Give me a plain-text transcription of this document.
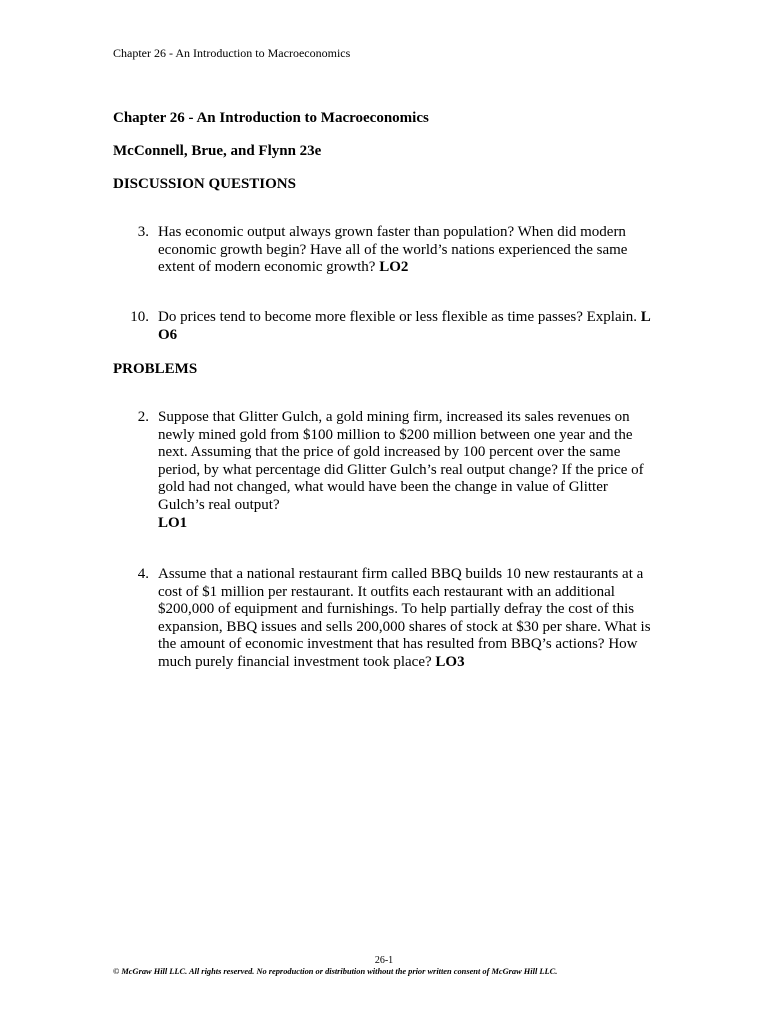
Chapter 26 - An Introduction to Macroeconomics
Chapter 26 - An Introduction to Macroeconomics
McConnell, Brue, and Flynn 23e
DISCUSSION QUESTIONS
3. Has economic output always grown faster than population? When did modern economic growth begin? Have all of the world’s nations experienced the same extent of modern economic growth? LO2
10. Do prices tend to become more flexible or less flexible as time passes? Explain. LO6
PROBLEMS
2. Suppose that Glitter Gulch, a gold mining firm, increased its sales revenues on newly mined gold from $100 million to $200 million between one year and the next. Assuming that the price of gold increased by 100 percent over the same period, by what percentage did Glitter Gulch’s real output change? If the price of gold had not changed, what would have been the change in value of Glitter Gulch’s real output?
LO1
4. Assume that a national restaurant firm called BBQ builds 10 new restaurants at a cost of $1 million per restaurant. It outfits each restaurant with an additional $200,000 of equipment and furnishings. To help partially defray the cost of this expansion, BBQ issues and sells 200,000 shares of stock at $30 per share. What is the amount of economic investment that has resulted from BBQ’s actions? How much purely financial investment took place? LO3
26-1
© McGraw Hill LLC. All rights reserved. No reproduction or distribution without the prior written consent of McGraw Hill LLC.
